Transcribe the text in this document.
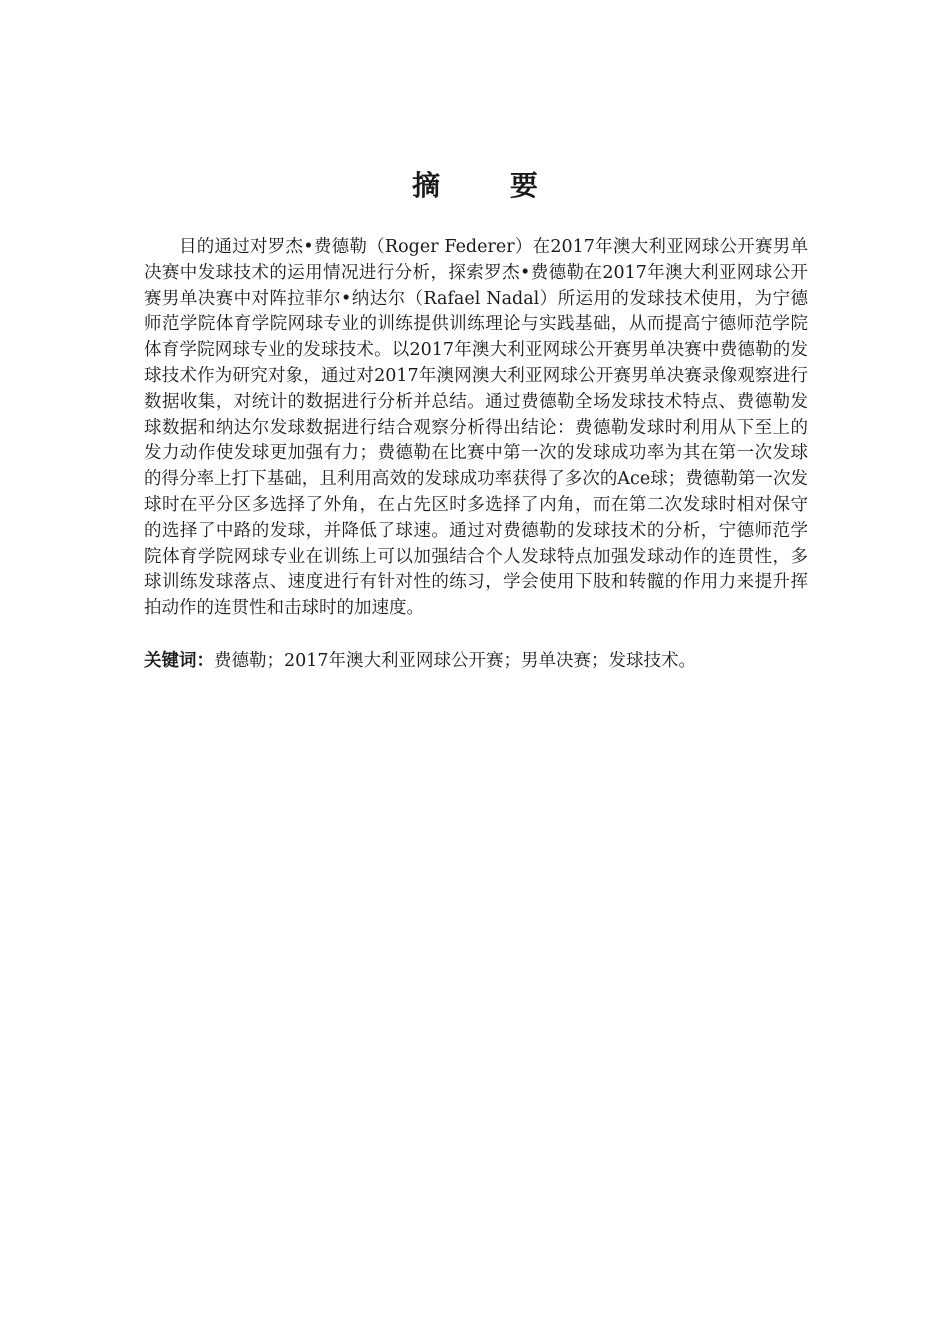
摘 要

目的通过对罗杰•费德勒（Roger Federer）在2017年澳大利亚网球公开赛男单决赛中发球技术的运用情况进行分析，探索罗杰•费德勒在2017年澳大利亚网球公开赛男单决赛中对阵拉菲尔•纳达尔（Rafael Nadal）所运用的发球技术使用，为宁德师范学院体育学院网球专业的训练提供训练理论与实践基础，从而提高宁德师范学院体育学院网球专业的发球技术。以2017年澳大利亚网球公开赛男单决赛中费德勒的发球技术作为研究对象，通过对2017年澳网澳大利亚网球公开赛男单决赛录像观察进行数据收集，对统计的数据进行分析并总结。通过费德勒全场发球技术特点、费德勒发球数据和纳达尔发球数据进行结合观察分析得出结论：费德勒发球时利用从下至上的发力动作使发球更加强有力；费德勒在比赛中第一次的发球成功率为其在第一次发球的得分率上打下基础，且利用高效的发球成功率获得了多次的Ace球；费德勒第一次发球时在平分区多选择了外角，在占先区时多选择了内角，而在第二次发球时相对保守的选择了中路的发球，并降低了球速。通过对费德勒的发球技术的分析，宁德师范学院体育学院网球专业在训练上可以加强结合个人发球特点加强发球动作的连贯性，多球训练发球落点、速度进行有针对性的练习，学会使用下肢和转髋的作用力来提升挥拍动作的连贯性和击球时的加速度。

关键词：费德勒；2017年澳大利亚网球公开赛；男单决赛；发球技术。
